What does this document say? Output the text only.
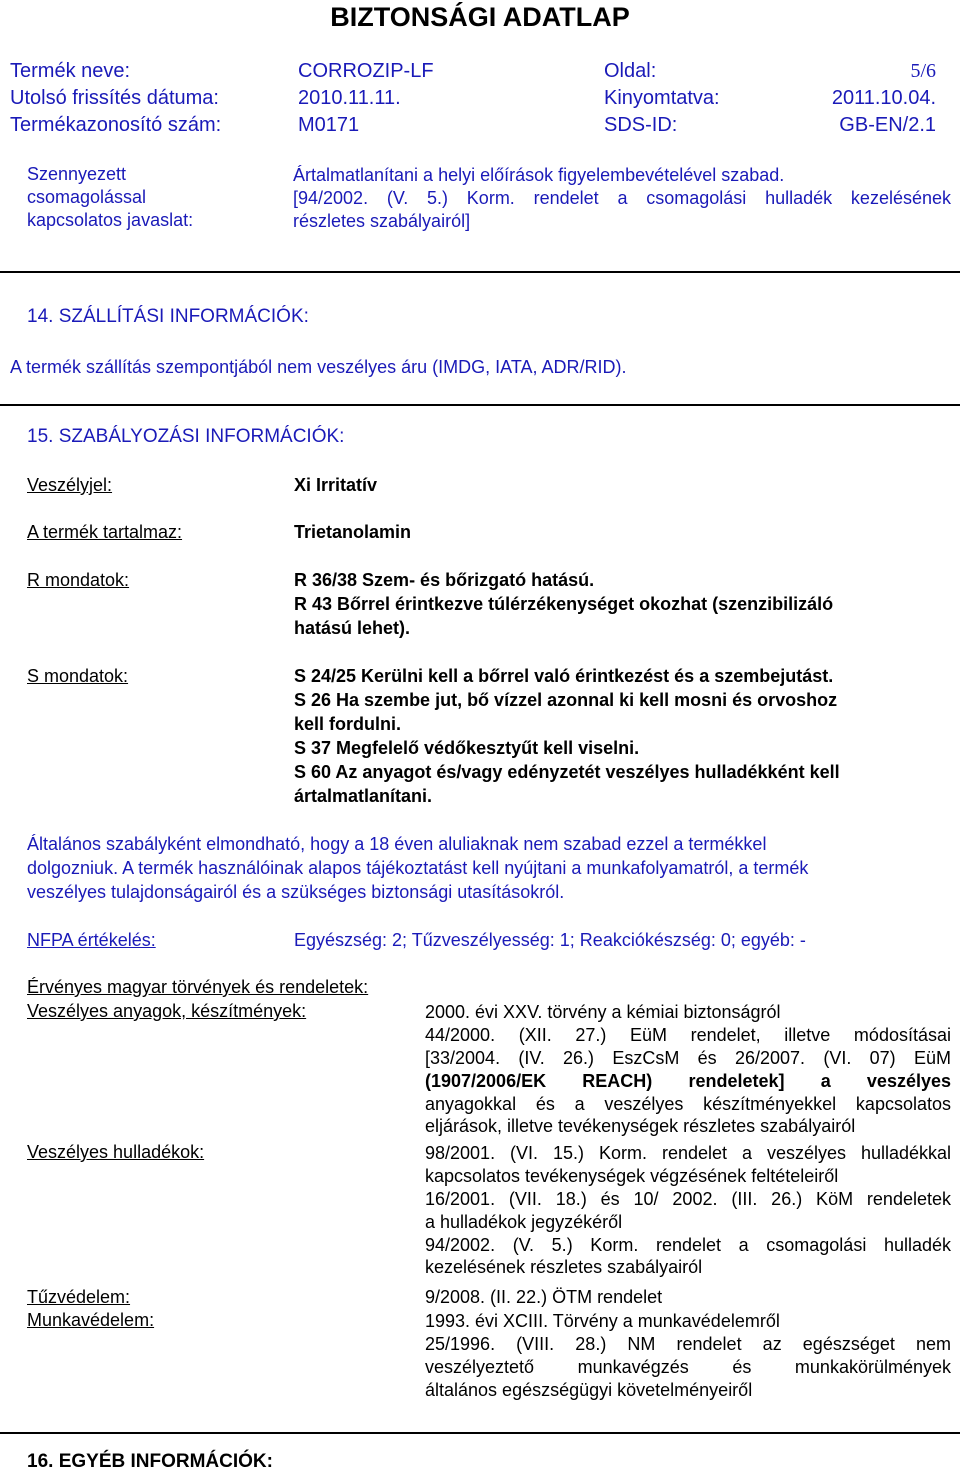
BIZTONSÁGI ADATLAP
Termék neve:	CORROZIP-LF	Oldal:	5/6
Utolsó frissítés dátuma:	2010.11.11.	Kinyomtatva:	2011.10.04.
Termékazonosító szám:	M0171	SDS-ID:	GB-EN/2.1
Szennyezett
csomagolással
kapcsolatos javaslat:
Ártalmatlanítani a helyi előírások figyelembevételével szabad.
[94/2002. (V. 5.) Korm. rendelet a csomagolási hulladék kezelésének
részletes szabályairól]
14. SZÁLLÍTÁSI INFORMÁCIÓK:
A termék szállítás szempontjából nem veszélyes áru (IMDG, IATA, ADR/RID).
15. SZABÁLYOZÁSI INFORMÁCIÓK:
Veszélyjel:	Xi Irritatív
A termék tartalmaz:	Trietanolamin
R mondatok:	R 36/38 Szem- és bőrizgató hatású.
R 43 Bőrrel érintkezve túlérzékenységet okozhat (szenzibilizáló
hatású lehet).
S mondatok:	S 24/25 Kerülni kell a bőrrel való érintkezést és a szembejutást.
S 26 Ha szembe jut, bő vízzel azonnal ki kell mosni és orvoshoz
kell fordulni.
S 37 Megfelelő védőkesztyűt kell viselni.
S 60 Az anyagot és/vagy edényzetét veszélyes hulladékként kell
ártalmatlanítani.
Általános szabályként elmondható, hogy a 18 éven aluliaknak nem szabad ezzel a termékkel
dolgozniuk. A termék használóinak alapos tájékoztatást kell nyújtani a munkafolyamatról, a termék
veszélyes tulajdonságairól és a szükséges biztonsági utasításokról.
NFPA értékelés:	Egyészség: 2; Tűzveszélyesség: 1; Reakciókészség: 0; egyéb: -
Érvényes magyar törvények és rendeletek:
Veszélyes anyagok, készítmények:	2000. évi XXV. törvény a kémiai biztonságról
44/2000. (XII. 27.) EüM rendelet, illetve módosításai
[33/2004. (IV. 26.) EszCsM és 26/2007. (VI. 07) EüM
(1907/2006/EK REACH) rendeletek] a veszélyes
anyagokkal és a veszélyes készítményekkel kapcsolatos
eljárások, illetve tevékenységek részletes szabályairól
Veszélyes hulladékok:	98/2001. (VI. 15.) Korm. rendelet a veszélyes hulladékkal
kapcsolatos tevékenységek végzésének feltételeiről
16/2001. (VII. 18.) és 10/ 2002. (III. 26.) KöM rendeletek
a hulladékok jegyzékéről
94/2002. (V. 5.) Korm. rendelet a csomagolási hulladék
kezelésének részletes szabályairól
Tűzvédelem:	9/2008. (II. 22.) ÖTM rendelet
Munkavédelem:	1993. évi XCIII. Törvény a munkavédelemről
25/1996. (VIII. 28.) NM rendelet az egészséget nem
veszélyeztető munkavégzés és munkakörülmények
általános egészségügyi követelményeiről
16. EGYÉB INFORMÁCIÓK:
